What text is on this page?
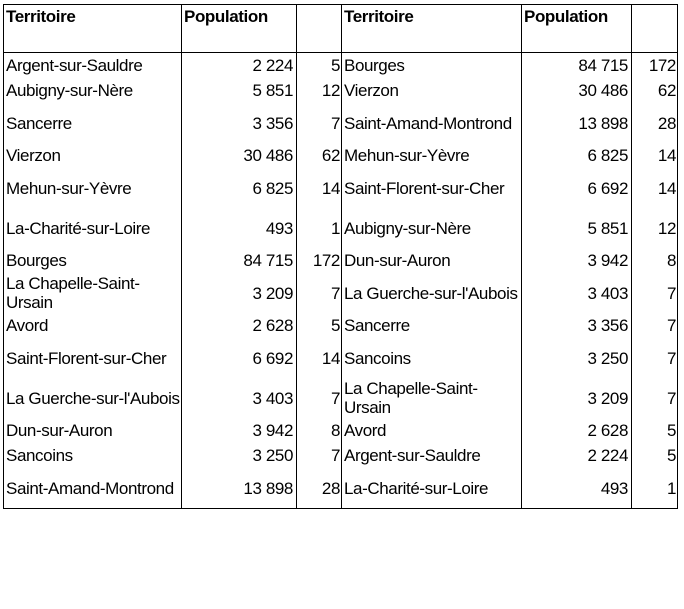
Territoire	Population		Territoire	Population	
Argent-sur-Sauldre	2 224	5	Bourges	84 715	172
Aubigny-sur-Nère	5 851	12	Vierzon	30 486	62
Sancerre	3 356	7	Saint-Amand-Montrond	13 898	28
Vierzon	30 486	62	Mehun-sur-Yèvre	6 825	14
Mehun-sur-Yèvre	6 825	14	Saint-Florent-sur-Cher	6 692	14
La-Charité-sur-Loire	493	1	Aubigny-sur-Nère	5 851	12
Bourges	84 715	172	Dun-sur-Auron	3 942	8
La Chapelle-Saint-Ursain	3 209	7	La Guerche-sur-l'Aubois	3 403	7
Avord	2 628	5	Sancerre	3 356	7
Saint-Florent-sur-Cher	6 692	14	Sancoins	3 250	7
La Guerche-sur-l'Aubois	3 403	7	La Chapelle-Saint-Ursain	3 209	7
Dun-sur-Auron	3 942	8	Avord	2 628	5
Sancoins	3 250	7	Argent-sur-Sauldre	2 224	5
Saint-Amand-Montrond	13 898	28	La-Charité-sur-Loire	493	1
